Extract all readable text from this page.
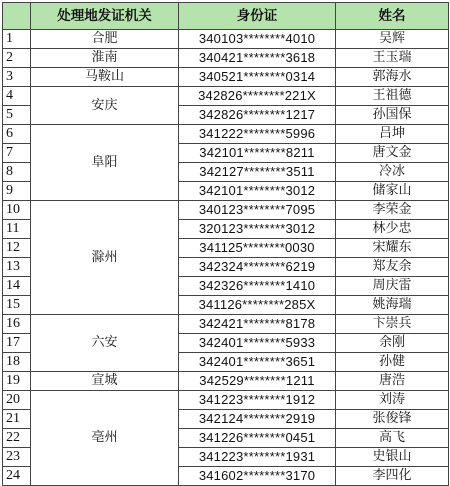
	处理地发证机关	身份证	姓名
1	合肥	340103********4010	吴辉
2	淮南	340421********3618	王玉瑞
3	马鞍山	340521********0314	郭海水
4	安庆	342826********221X	王祖德
5		342826********1217	孙国保
6	阜阳	341222********5996	吕坤
7		342101********8211	唐文金
8		342127********3511	冷冰
9		342101********3012	储家山
10	滁州	340123********7095	李荣金
11		320123********3012	林少忠
12		341125********0030	宋耀东
13		342324********6219	郑友余
14		342326********1410	周庆雷
15		341126********285X	姚海瑞
16	六安	342421********8178	卞崇兵
17		342401********5933	余刚
18		342401********3651	孙健
19	宣城	342529********1211	唐浩
20	亳州	341223********1912	刘涛
21		342124********2919	张俊锋
22		341226********0451	高飞
23		341223********1931	史银山
24		341602********3170	李四化
